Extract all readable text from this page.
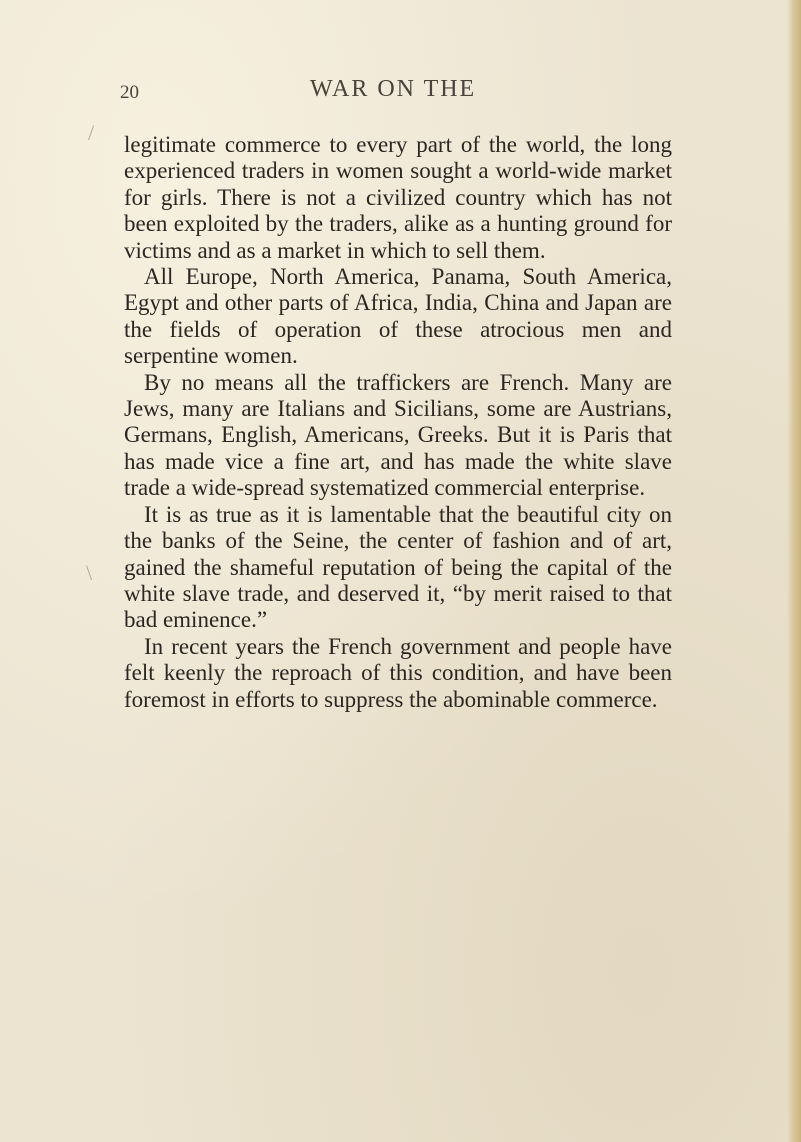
20	WAR ON THE
/
\

legitimate commerce to every part of the world, the long experienced traders in women sought a world-wide market for girls. There is not a civilized country which has not been exploited by the traders, alike as a hunting ground for victims and as a market in which to sell them.

All Europe, North America, Panama, South America, Egypt and other parts of Africa, India, China and Japan are the fields of operation of these atrocious men and serpentine women.

By no means all the traffickers are French. Many are Jews, many are Italians and Sicilians, some are Austrians, Germans, English, Americans, Greeks. But it is Paris that has made vice a fine art, and has made the white slave trade a wide-spread systematized commercial enterprise.

It is as true as it is lamentable that the beautiful city on the banks of the Seine, the center of fashion and of art, gained the shameful reputation of being the capital of the white slave trade, and deserved it, “by merit raised to that bad eminence.”

In recent years the French government and people have felt keenly the reproach of this condition, and have been foremost in efforts to suppress the abominable commerce.
